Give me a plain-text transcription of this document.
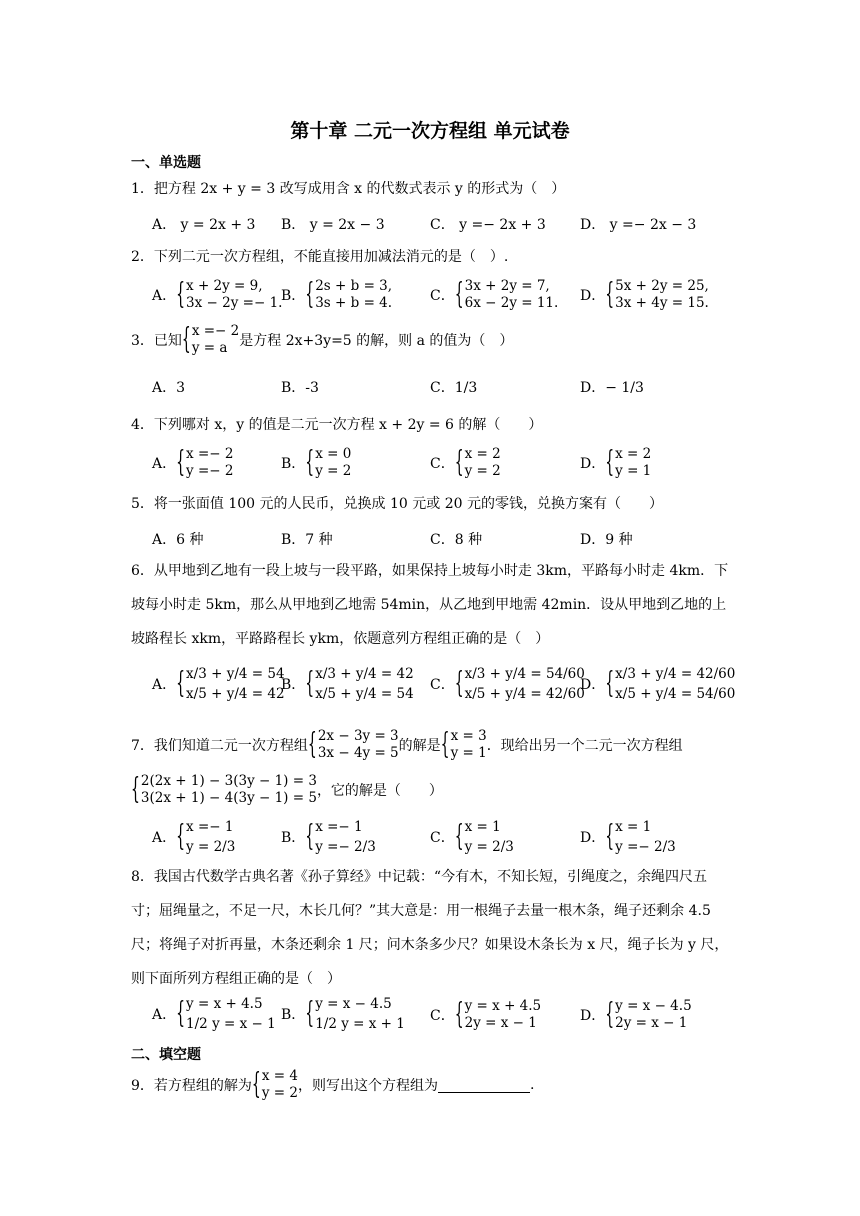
第十章 二元一次方程组 单元试卷
一、单选题
1．把方程 2x + y = 3 改写成用含 x 的代数式表示 y 的形式为（　）
A． y = 2x + 3 B． y = 2x − 3	C． y =− 2x + 3 D． y =− 2x − 3
2．下列二元一次方程组，不能直接用加减法消元的是（　）.
A． { x + 2y = 9,
3x − 2y =− 1.
B． { 2s + b = 3,
3s + b = 4.	C． { 3x + 2y = 7,
6x − 2y = 11. D． { 5x + 2y = 25,
3x + 4y = 15.
3．已知 { x =− 2
y = a 是方程 2x+3y=5 的解，则 a 的值为（　）
A．3	B．-3	C．1/3	D．− 1/3
4．下列哪对 x，y 的值是二元一次方程 x + 2y = 6 的解（　　）
A． { x =− 2
y =− 2	B． { x = 0
y = 2	C． { x = 2
y = 2	D． { x = 2
y = 1
5．将一张面值 100 元的人民币，兑换成 10 元或 20 元的零钱，兑换方案有（　　）
A．6 种	B．7 种	C．8 种	D．9 种
6．从甲地到乙地有一段上坡与一段平路，如果保持上坡每小时走 3km，平路每小时走 4km．下坡每小时走 5km，那么从甲地到乙地需 54min，从乙地到甲地需 42min．设从甲地到乙地的上坡路程长 xkm，平路路程长 ykm，依题意列方程组正确的是（　）
A． { x/3 + y/4 = 54
x/5 + y/4 = 42
B． { x/3 + y/4 = 42
x/5 + y/4 = 54
C． { x/3 + y/4 = 54/60
x/5 + y/4 = 42/60
D． { x/3 + y/4 = 42/60
x/5 + y/4 = 54/60
7．我们知道二元一次方程组 { 2x − 3y = 3
3x − 4y = 5 的解是 { x = 3
y = 1 ．现给出另一个二元一次方程组
{ 2(2x + 1) − 3(3y − 1) = 3
3(2x + 1) − 4(3y − 1) = 5 ，它的解是（　　）
A． { x =− 1
y = 2/3
B． { x =− 1
y =− 2/3
C． { x = 1
y = 2/3
D． { x = 1
y =− 2/3
8．我国古代数学古典名著《孙子算经》中记载：“今有木，不知长短，引绳度之，余绳四尺五寸；屈绳量之，不足一尺，木长几何？”其大意是：用一根绳子去量一根木条，绳子还剩余 4.5 尺；将绳子对折再量，木条还剩余 1 尺；问木条多少尺？如果设木条长为 x 尺，绳子长为 y 尺，则下面所列方程组正确的是（　）
A． { y = x + 4.5
1/2 y = x − 1
B． { y = x − 4.5
1/2 y = x + 1 C． { y = x + 4.5
2y = x − 1	D． { y = x − 4.5
2y = x − 1
二、填空题
9．若方程组的解为 { x = 4
y = 2 ，则写出这个方程组为	.
